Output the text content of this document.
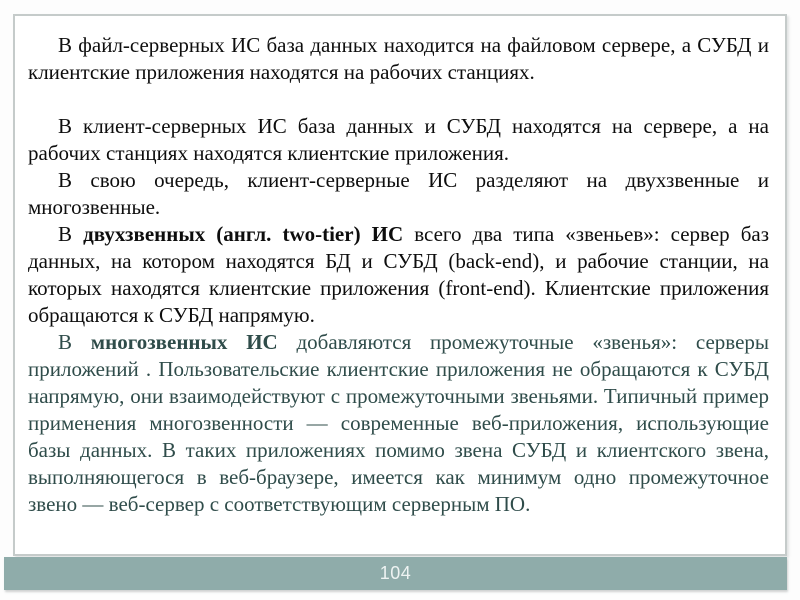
В файл-серверных ИС база данных находится на файловом сервере, а СУБД и клиентские приложения находятся на рабочих станциях.

В клиент-серверных ИС база данных и СУБД находятся на сервере, а на рабочих станциях находятся клиентские приложения.

В свою очередь, клиент-серверные ИС разделяют на двухзвенные и многозвенные.

В двухзвенных (англ. two-tier) ИС всего два типа «звеньев»: сервер баз данных, на котором находятся БД и СУБД (back-end), и рабочие станции, на которых находятся клиентские приложения (front-end). Клиентские приложения обращаются к СУБД напрямую.

В многозвенных ИС добавляются промежуточные «звенья»: серверы приложений . Пользовательские клиентские приложения не обращаются к СУБД напрямую, они взаимодействуют с промежуточными звеньями. Типичный пример применения многозвенности — современные веб-приложения, использующие базы данных. В таких приложениях помимо звена СУБД и клиентского звена, выполняющегося в веб-браузере, имеется как минимум одно промежуточное звено — веб-сервер с соответствующим серверным ПО.

104
